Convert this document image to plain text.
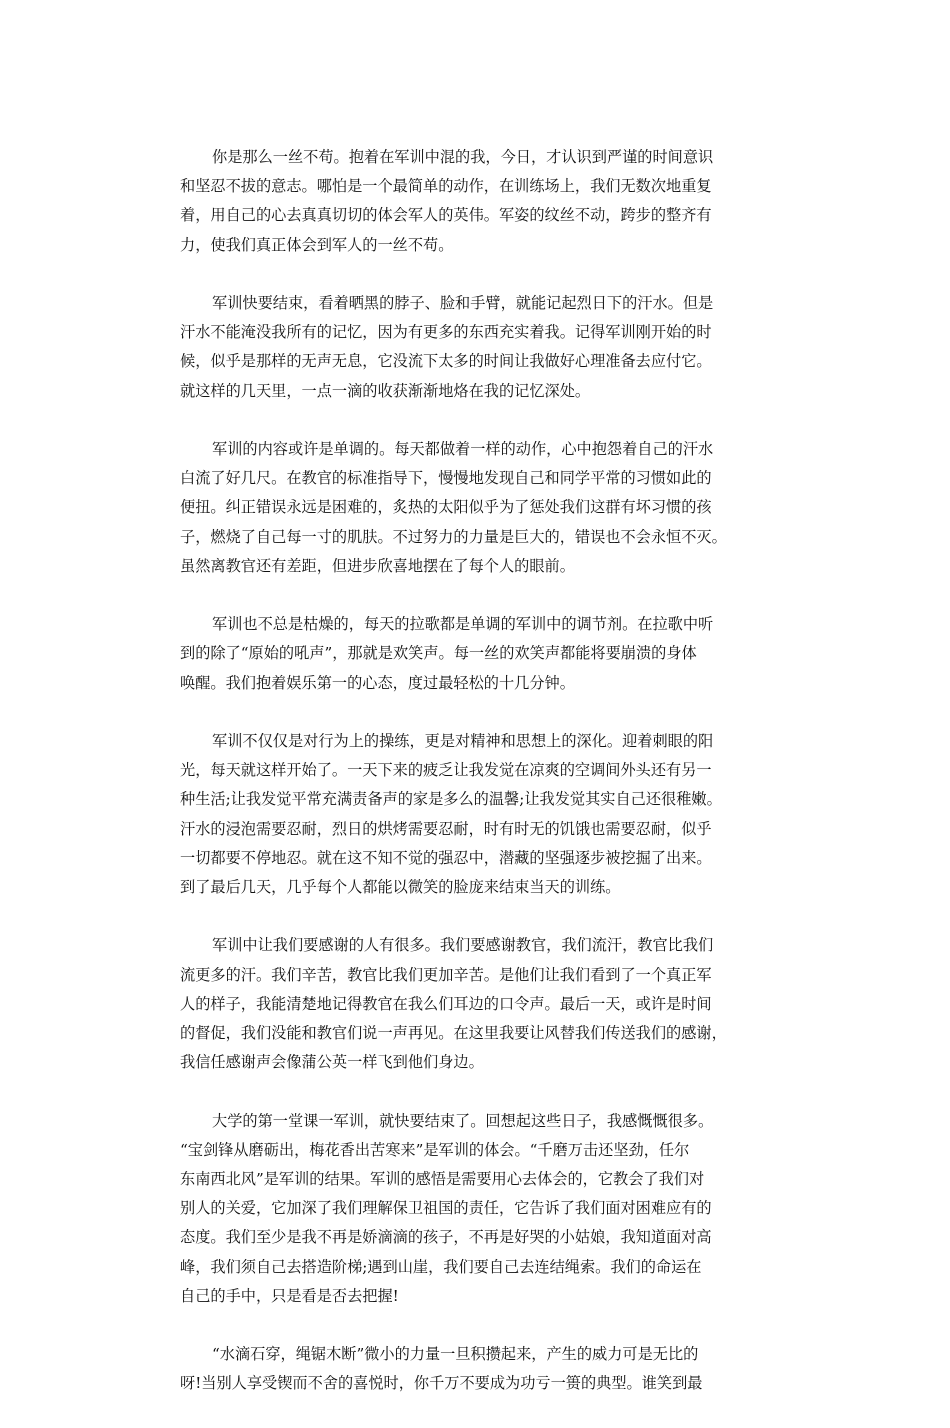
你是那么一丝不苟。抱着在军训中混的我，今日，才认识到严谨的时间意识
和坚忍不拔的意志。哪怕是一个最简单的动作，在训练场上，我们无数次地重复
着，用自己的心去真真切切的体会军人的英伟。军姿的纹丝不动，跨步的整齐有
力，使我们真正体会到军人的一丝不苟。
军训快要结束，看着晒黑的脖子、脸和手臂，就能记起烈日下的汗水。但是
汗水不能淹没我所有的记忆，因为有更多的东西充实着我。记得军训刚开始的时
候，似乎是那样的无声无息，它没流下太多的时间让我做好心理准备去应付它。
就这样的几天里，一点一滴的收获渐渐地烙在我的记忆深处。
军训的内容或许是单调的。每天都做着一样的动作，心中抱怨着自己的汗水
白流了好几尺。在教官的标准指导下，慢慢地发现自己和同学平常的习惯如此的
便扭。纠正错误永远是困难的，炙热的太阳似乎为了惩处我们这群有坏习惯的孩
子，燃烧了自己每一寸的肌肤。不过努力的力量是巨大的，错误也不会永恒不灭。
虽然离教官还有差距，但进步欣喜地摆在了每个人的眼前。
军训也不总是枯燥的，每天的拉歌都是单调的军训中的调节剂。在拉歌中听
到的除了“原始的吼声”，那就是欢笑声。每一丝的欢笑声都能将要崩溃的身体
唤醒。我们抱着娱乐第一的心态，度过最轻松的十几分钟。
军训不仅仅是对行为上的操练，更是对精神和思想上的深化。迎着刺眼的阳
光，每天就这样开始了。一天下来的疲乏让我发觉在凉爽的空调间外头还有另一
种生活;让我发觉平常充满责备声的家是多么的温馨;让我发觉其实自己还很稚嫩。
汗水的浸泡需要忍耐，烈日的烘烤需要忍耐，时有时无的饥饿也需要忍耐，似乎
一切都要不停地忍。就在这不知不觉的强忍中，潜藏的坚强逐步被挖掘了出来。
到了最后几天，几乎每个人都能以微笑的脸庞来结束当天的训练。
军训中让我们要感谢的人有很多。我们要感谢教官，我们流汗，教官比我们
流更多的汗。我们辛苦，教官比我们更加辛苦。是他们让我们看到了一个真正军
人的样子，我能清楚地记得教官在我么们耳边的口令声。最后一天，或许是时间
的督促，我们没能和教官们说一声再见。在这里我要让风替我们传送我们的感谢，
我信任感谢声会像蒲公英一样飞到他们身边。
大学的第一堂课一军训，就快要结束了。回想起这些日子，我感慨慨很多。
“宝剑锋从磨砺出，梅花香出苦寒来”是军训的体会。“千磨万击还坚劲，任尔
东南西北风”是军训的结果。军训的感悟是需要用心去体会的，它教会了我们对
别人的关爱，它加深了我们理解保卫祖国的责任，它告诉了我们面对困难应有的
态度。我们至少是我不再是娇滴滴的孩子，不再是好哭的小姑娘，我知道面对高
峰，我们须自己去搭造阶梯;遇到山崖，我们要自己去连结绳索。我们的命运在
自己的手中，只是看是否去把握!
“水滴石穿，绳锯木断”微小的力量一旦积攒起来，产生的威力可是无比的
呀!当别人享受锲而不舍的喜悦时，你千万不要成为功亏一篑的典型。谁笑到最
